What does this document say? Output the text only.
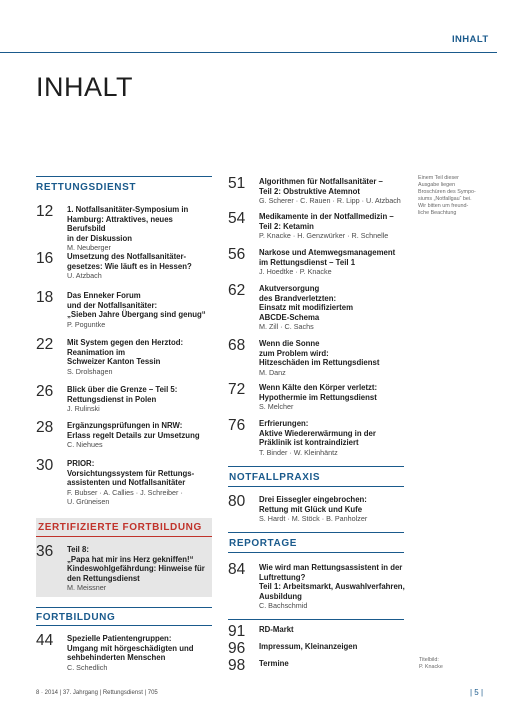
INHALT
INHALT
RETTUNGSDIENST
ZERTIFIZIERTE FORTBILDUNG
FORTBILDUNG
NOTFALLPRAXIS
REPORTAGE
12 1. Notfallsanitäter-Symposium in
Hamburg: Attraktives, neues Berufsbild
in der Diskussion
M. Neuberger
16 Umsetzung des Notfallsanitäter-
gesetzes: Wie läuft es in Hessen?
U. Atzbach
18 Das Enneker Forum
und der Notfallsanitäter:
„Sieben Jahre Übergang sind genug“
P. Poguntke
22 Mit System gegen den Herztod:
Reanimation im
Schweizer Kanton Tessin
S. Drolshagen
26 Blick über die Grenze – Teil 5:
Rettungsdienst in Polen
J. Rulinski
28 Ergänzungsprüfungen in NRW:
Erlass regelt Details zur Umsetzung
C. Niehues
30 PRIOR:
Vorsichtungssystem für Rettungs-
assistenten und Notfallsanitäter
F. Bubser · A. Callies · J. Schreiber ·
U. Grüneisen
36 Teil 8:
„Papa hat mir ins Herz gekniffen!“
Kindeswohlgefährdung: Hinweise für
den Rettungsdienst
M. Meissner
44 Spezielle Patientengruppen:
Umgang mit hörgeschädigten und
sehbehinderten Menschen
C. Schedlich
51 Algorithmen für Notfallsanitäter –
Teil 2: Obstruktive Atemnot
G. Scherer · C. Rauen · R. Lipp · U. Atzbach
54 Medikamente in der Notfallmedizin –
Teil 2: Ketamin
P. Knacke · H. Genzwürker · R. Schnelle
56 Narkose und Atemwegsmanagement
im Rettungsdienst – Teil 1
J. Hoedtke · P. Knacke
62 Akutversorgung
des Brandverletzten:
Einsatz mit modifiziertem
ABCDE-Schema
M. Zill · C. Sachs
68 Wenn die Sonne
zum Problem wird:
Hitzeschäden im Rettungsdienst
M. Danz
72 Wenn Kälte den Körper verletzt:
Hypothermie im Rettungsdienst
S. Melcher
76 Erfrierungen:
Aktive Wiedererwärmung in der
Präklinik ist kontraindiziert
T. Binder · W. Kleinhäntz
80 Drei Eissegler eingebrochen:
Rettung mit Glück und Kufe
S. Hardt · M. Stöck · B. Panholzer
84 Wie wird man Rettungsassistent in der
Luftrettung?
Teil 1: Arbeitsmarkt, Auswahlverfahren,
Ausbildung
C. Bachschmid
91 RD-Markt
96 Impressum, Kleinanzeigen
98 Termine
Einem Teil dieser
Ausgabe liegen
Broschüren des Sympo-
siums „Notfallgau“ bei.
Wir bitten um freund-
liche Beachtung
Titelbild:
P. Knacke
8 · 2014 | 37. Jahrgang | Rettungsdienst | 705	| 5 |
